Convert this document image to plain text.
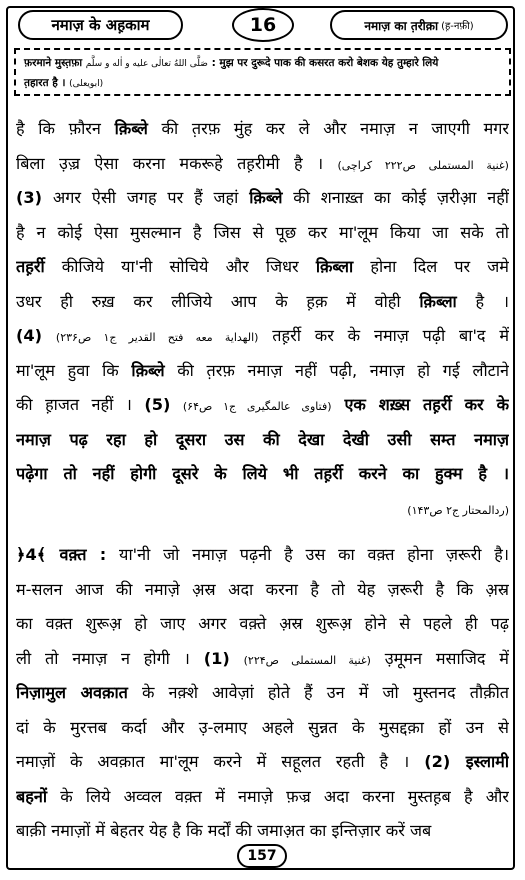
नमाज़ के अह़काम	16	नमाज़ का त़रीक़ा (ह़-नफ़ी)
फ़रमाने मुस्त़फ़ा صَلَّى اللهُ تعالٰى عليه و اٰله و سلَّم : मुझ पर दुरूदे पाक की कसरत करो बेशक येह तुम्हारे लिये
त़हारत है । (ابویعلی)
है कि फ़ौरन क़िब्ले की त़रफ़ मुंह कर ले और नमाज़ न जाएगी मगर
बिला उ़ज़्र ऐसा करना मकरूहे तह़रीमी है । (غنية المستملی ص۲۲۲ کراچی)
(3) अगर ऐसी जगह पर हैं जहां क़िब्ले की शनाख़्त का कोई ज़रीआ़ नहीं
है न कोई ऐसा मुसल्मान है जिस से पूछ कर मा'लूम किया जा सके तो
तह़र्री कीजिये या'नी सोचिये और जिधर क़िब्ला होना दिल पर जमे
उधर ही रुख़ कर लीजिये आप के ह़क़ में वोही क़िब्ला है ।
(الهداية معه فتح القدير ج۱ ص۲۳۶) (4)	तह़र्री कर के नमाज़ पढ़ी बा'द में
मा'लूम हुवा कि क़िब्ले की त़रफ़ नमाज़ नहीं पढ़ी, नमाज़ हो गई लौटाने
की ह़ाजत नहीं ।	(فتاوی عالمگیری ج۱ ص۶۴) (5) एक शख़्स तह़र्री कर के
नमाज़ पढ़ रहा हो दूसरा उस की देखा देखी उसी सम्त नमाज़
पढ़ेगा तो नहीं होगी दूसरे के लिये भी तह़र्री करने का हुक्म है ।
(ردالمحتار ج۲ ص۱۴۳)
﴿4﴾ वक़्त : या'नी जो नमाज़ पढ़नी है उस का वक़्त होना ज़रूरी है।
म-सलन आज की नमाज़े अ़स्र अदा करना है तो येह ज़रूरी है कि अ़स्र
का वक़्त शुरूअ़ हो जाए अगर वक़्ते अ़स्र शुरूअ़ होने से पहले ही पढ़
ली तो नमाज़ न होगी ।	(غنية المستملی ص۲۲۴) (1)	उ़मूमन मसाजिद में
निज़ामुल अवक़ात के नक़्शे आवेज़ां होते हैं उन में जो मुस्तनद तौक़ीत
दां के मुरत्तब कर्दा और उ़-लमाए अहले सुन्नत के मुसद्दक़ा हों उन से
नमाज़ों के अवक़ात मा'लूम करने में सहूलत रहती है । (2) इस्लामी
बहनों के लिये अव्वल वक़्त में नमाज़े फ़ज्र अदा करना मुस्तह़ब है और
बाक़ी नमाज़ों में बेहतर येह है कि मर्दों की जमाअ़त का इन्तिज़ार करें जब
157
